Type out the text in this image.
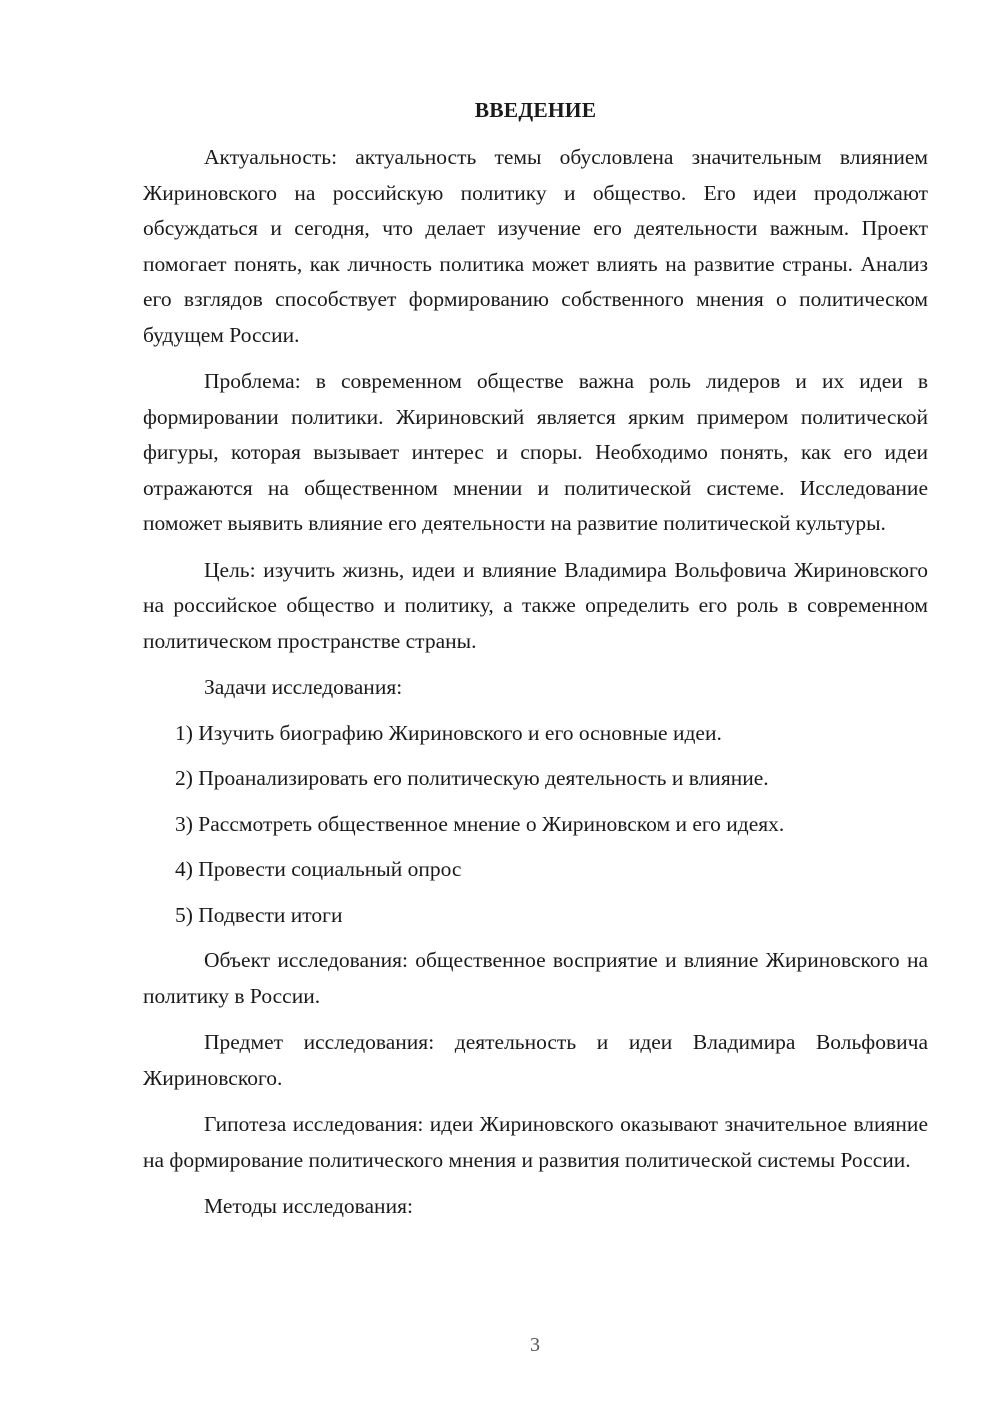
ВВЕДЕНИЕ

Актуальность: актуальность темы обусловлена значительным влиянием Жириновского на российскую политику и общество. Его идеи продолжают обсуждаться и сегодня, что делает изучение его деятельности важным. Проект помогает понять, как личность политика может влиять на развитие страны. Анализ его взглядов способствует формированию собственного мнения о политическом будущем России.

Проблема: в современном обществе важна роль лидеров и их идеи в формировании политики. Жириновский является ярким примером политической фигуры, которая вызывает интерес и споры. Необходимо понять, как его идеи отражаются на общественном мнении и политической системе. Исследование поможет выявить влияние его деятельности на развитие политической культуры.

Цель: изучить жизнь, идеи и влияние Владимира Вольфовича Жириновского на российское общество и политику, а также определить его роль в современном политическом пространстве страны.

Задачи исследования:

1) Изучить биографию Жириновского и его основные идеи.
2) Проанализировать его политическую деятельность и влияние.
3) Рассмотреть общественное мнение о Жириновском и его идеях.
4) Провести социальный опрос
5) Подвести итоги

Объект исследования: общественное восприятие и влияние Жириновского на политику в России.

Предмет исследования: деятельность и идеи Владимира Вольфовича Жириновского.

Гипотеза исследования: идеи Жириновского оказывают значительное влияние на формирование политического мнения и развития политической системы России.

Методы исследования:

3
